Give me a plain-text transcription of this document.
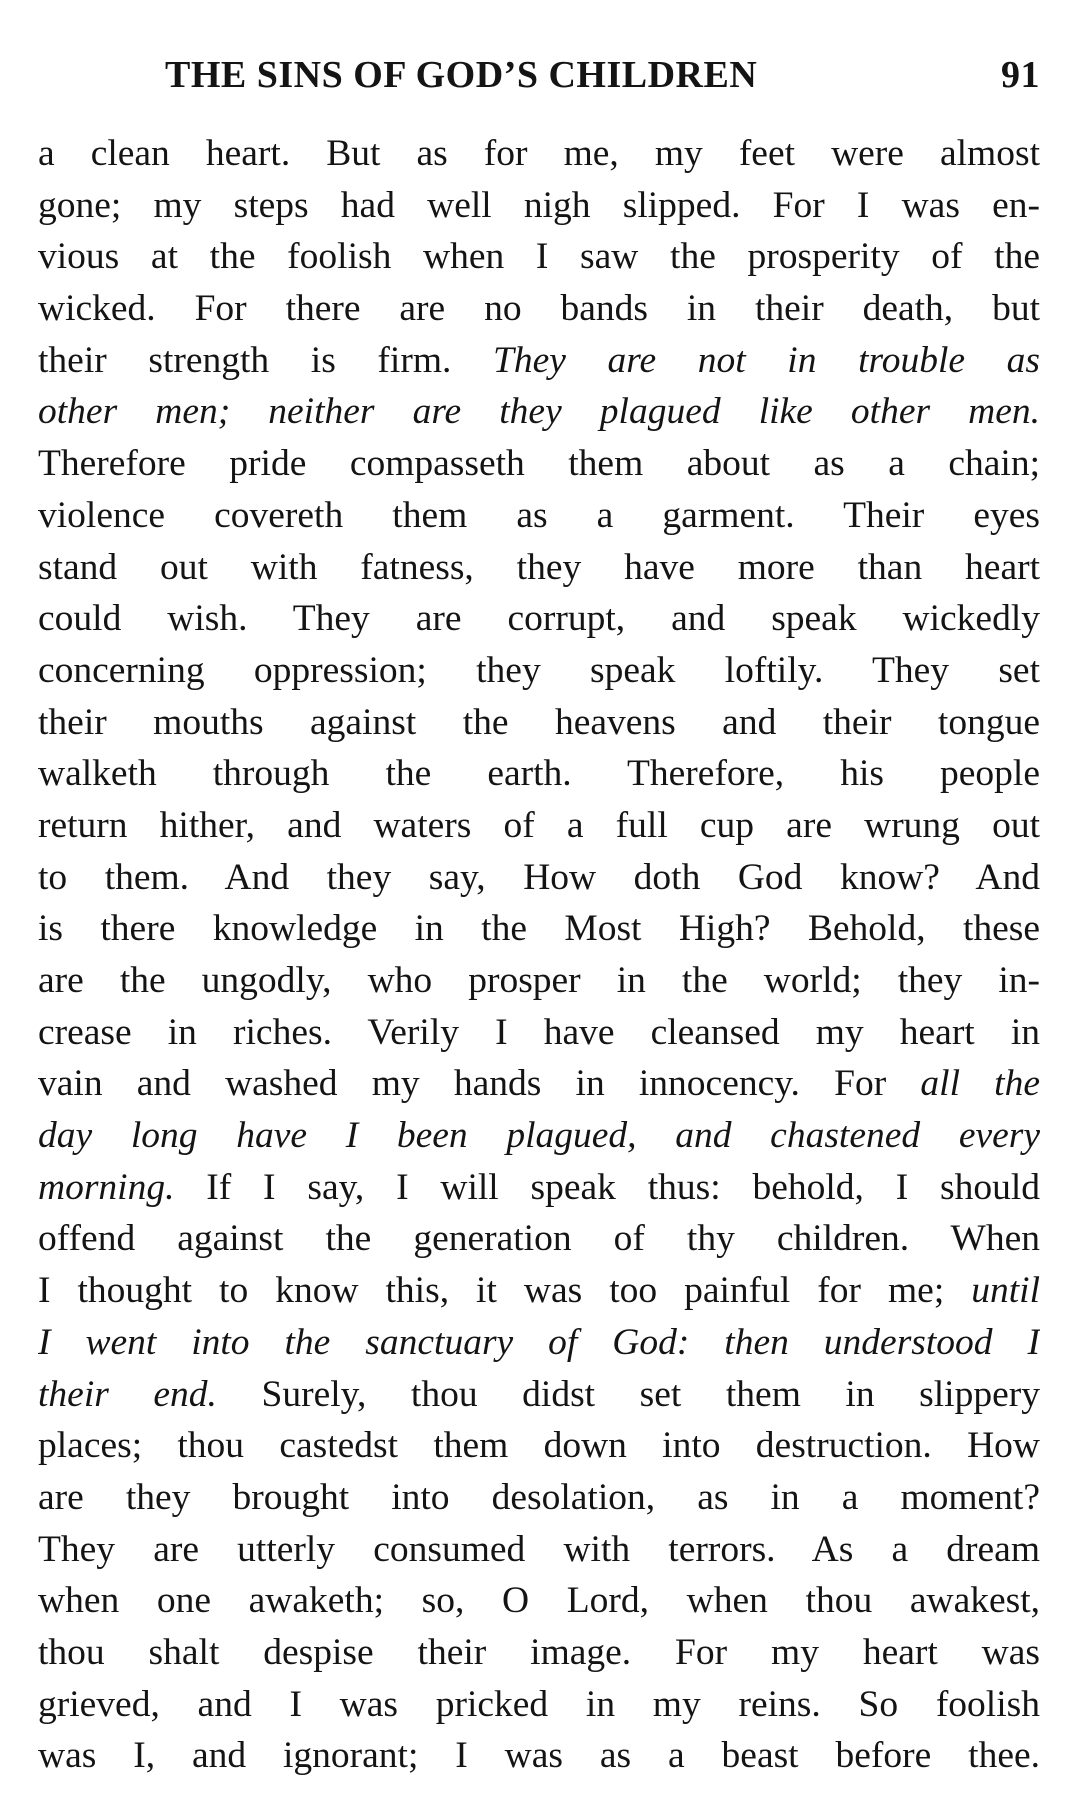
THE SINS OF GOD’S CHILDREN	91
a clean heart. But as for me, my feet were almost
gone; my steps had well nigh slipped. For I was en-
vious at the foolish when I saw the prosperity of the
wicked. For there are no bands in their death, but
their strength is firm. They are not in trouble as
other men; neither are they plagued like other men.
Therefore pride compasseth them about as a chain;
violence covereth them as a garment. Their eyes
stand out with fatness, they have more than heart
could wish. They are corrupt, and speak wickedly
concerning oppression; they speak loftily. They set
their mouths against the heavens and their tongue
walketh through the earth. Therefore, his people
return hither, and waters of a full cup are wrung out
to them. And they say, How doth God know? And
is there knowledge in the Most High? Behold, these
are the ungodly, who prosper in the world; they in-
crease in riches. Verily I have cleansed my heart in
vain and washed my hands in innocency. For all the
day long have I been plagued, and chastened every
morning. If I say, I will speak thus: behold, I should
offend against the generation of thy children. When
I thought to know this, it was too painful for me; until
I went into the sanctuary of God: then understood I
their end. Surely, thou didst set them in slippery
places; thou castedst them down into destruction. How
are they brought into desolation, as in a moment?
They are utterly consumed with terrors. As a dream
when one awaketh; so, O Lord, when thou awakest,
thou shalt despise their image. For my heart was
grieved, and I was pricked in my reins. So foolish
was I, and ignorant; I was as a beast before thee.
